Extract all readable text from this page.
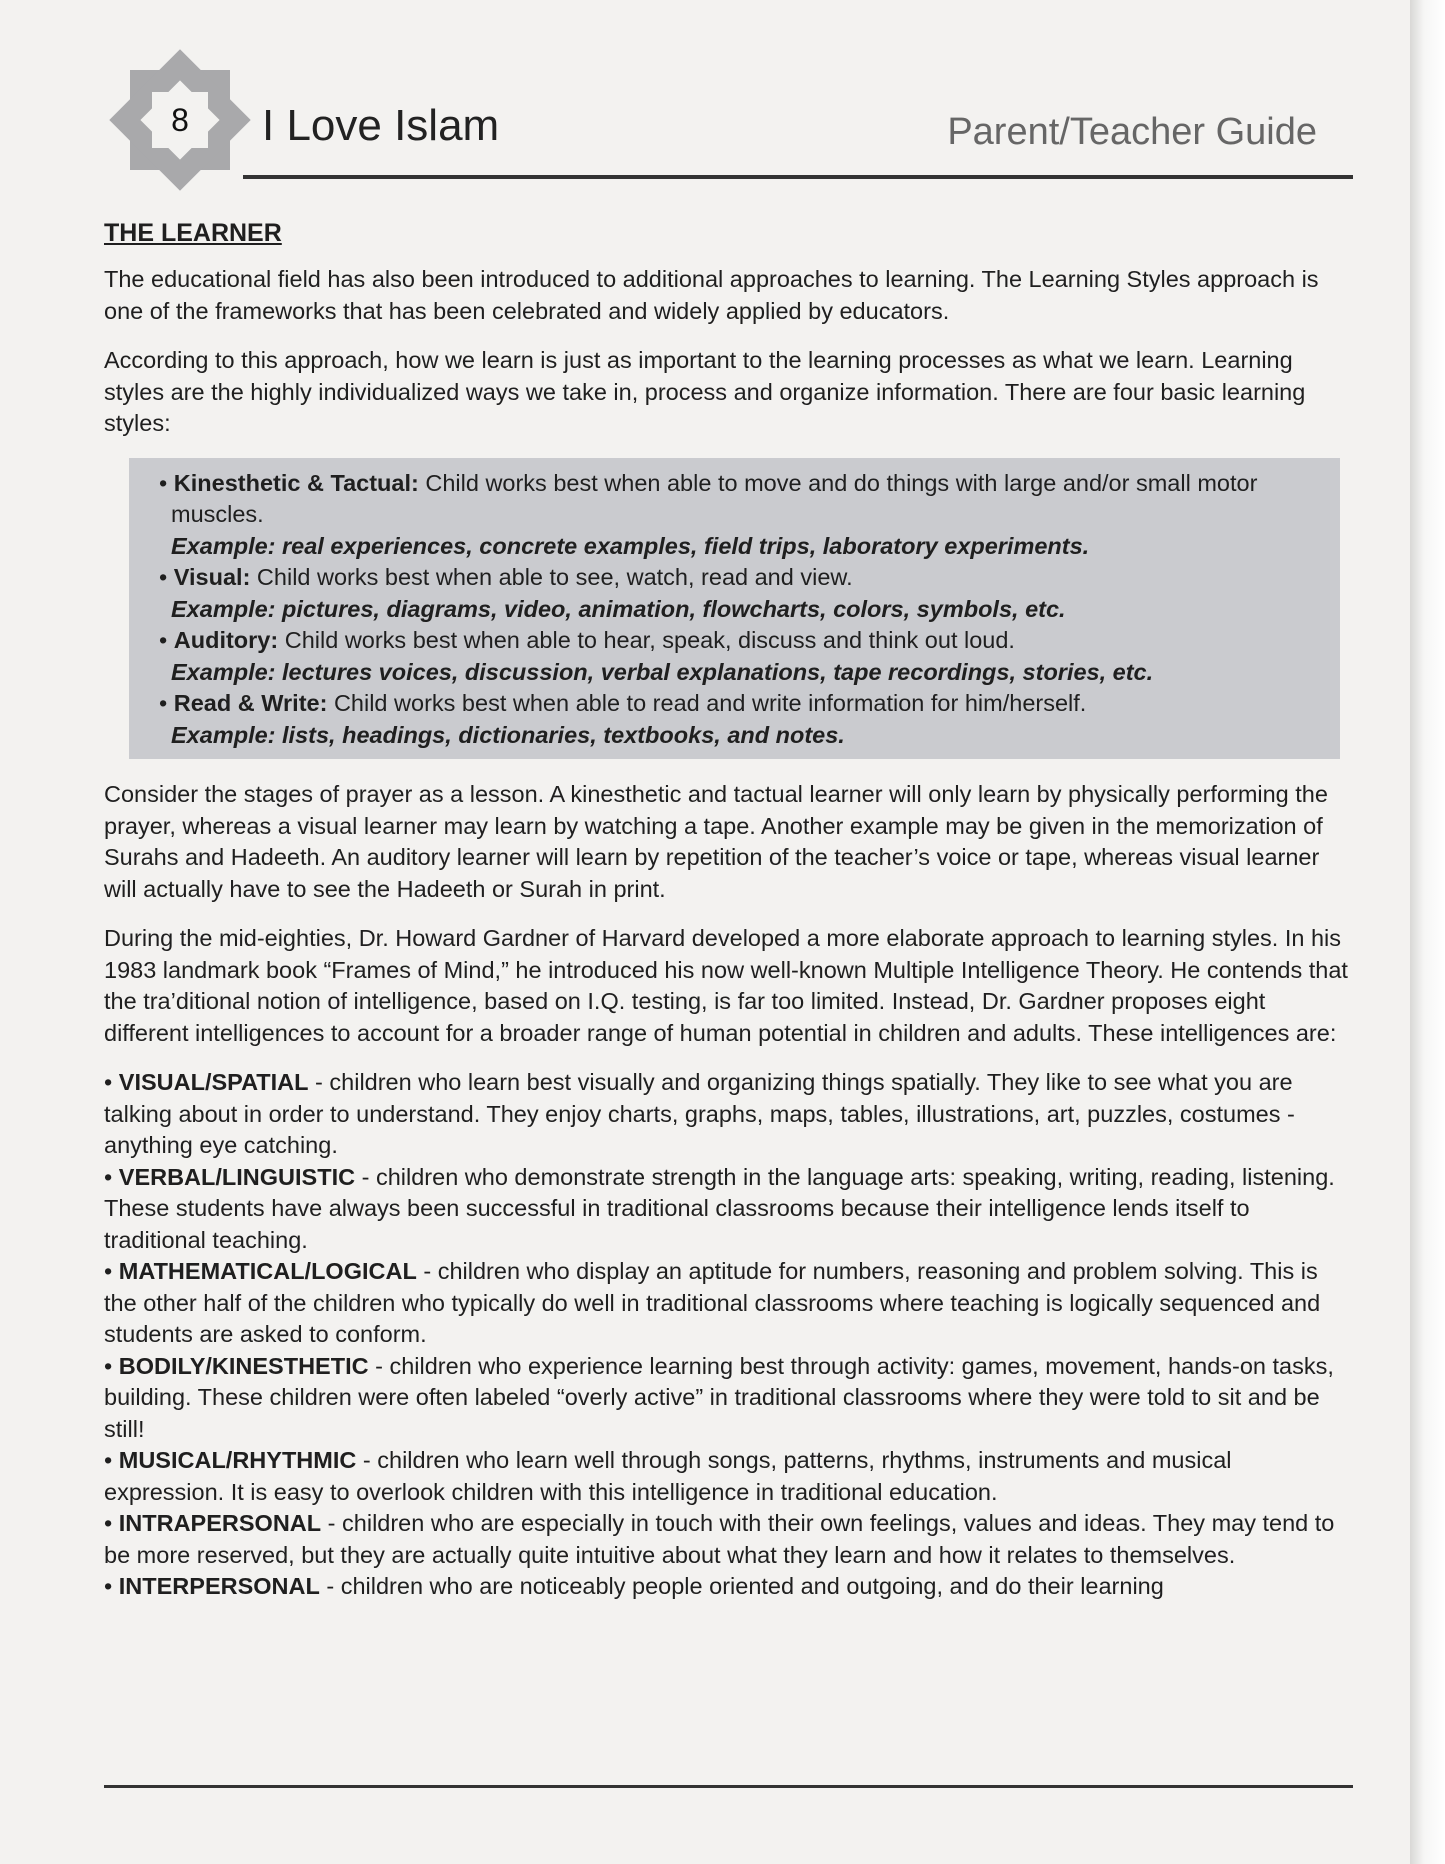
8 I Love Islam	Parent/Teacher Guide
THE LEARNER

The educational field has also been introduced to additional approaches to learning. The Learning Styles approach is one of the frameworks that has been celebrated and widely applied by educators.

According to this approach, how we learn is just as important to the learning processes as what we learn. Learning styles are the highly individualized ways we take in, process and organize information. There are four basic learning styles:

• Kinesthetic & Tactual: Child works best when able to move and do things with large and/or small motor muscles.
Example: real experiences, concrete examples, field trips, laboratory experiments.
• Visual: Child works best when able to see, watch, read and view.
Example: pictures, diagrams, video, animation, flowcharts, colors, symbols, etc.
• Auditory: Child works best when able to hear, speak, discuss and think out loud.
Example: lectures voices, discussion, verbal explanations, tape recordings, stories, etc.
• Read & Write: Child works best when able to read and write information for him/herself.
Example: lists, headings, dictionaries, textbooks, and notes.

Consider the stages of prayer as a lesson. A kinesthetic and tactual learner will only learn by physically performing the prayer, whereas a visual learner may learn by watching a tape. Another example may be given in the memorization of Surahs and Hadeeth. An auditory learner will learn by repetition of the teacher’s voice or tape, whereas visual learner will actually have to see the Hadeeth or Surah in print.

During the mid-eighties, Dr. Howard Gardner of Harvard developed a more elaborate approach to learning styles. In his 1983 landmark book “Frames of Mind,” he introduced his now well-known Multiple Intelligence Theory. He contends that the tra’ditional notion of intelligence, based on I.Q. testing, is far too limited. Instead, Dr. Gardner proposes eight different intelligences to account for a broader range of human potential in children and adults. These intelligences are:

• VISUAL/SPATIAL - children who learn best visually and organizing things spatially. They like to see what you are talking about in order to understand. They enjoy charts, graphs, maps, tables, illustrations, art, puzzles, costumes - anything eye catching.
• VERBAL/LINGUISTIC - children who demonstrate strength in the language arts: speaking, writing, reading, listening. These students have always been successful in traditional classrooms because their intelligence lends itself to traditional teaching.
• MATHEMATICAL/LOGICAL - children who display an aptitude for numbers, reasoning and problem solving. This is the other half of the children who typically do well in traditional classrooms where teaching is logically sequenced and students are asked to conform.
• BODILY/KINESTHETIC - children who experience learning best through activity: games, movement, hands-on tasks, building. These children were often labeled “overly active” in traditional classrooms where they were told to sit and be still!
• MUSICAL/RHYTHMIC - children who learn well through songs, patterns, rhythms, instruments and musical expression. It is easy to overlook children with this intelligence in traditional education.
• INTRAPERSONAL - children who are especially in touch with their own feelings, values and ideas. They may tend to be more reserved, but they are actually quite intuitive about what they learn and how it relates to themselves.
• INTERPERSONAL - children who are noticeably people oriented and outgoing, and do their learning
